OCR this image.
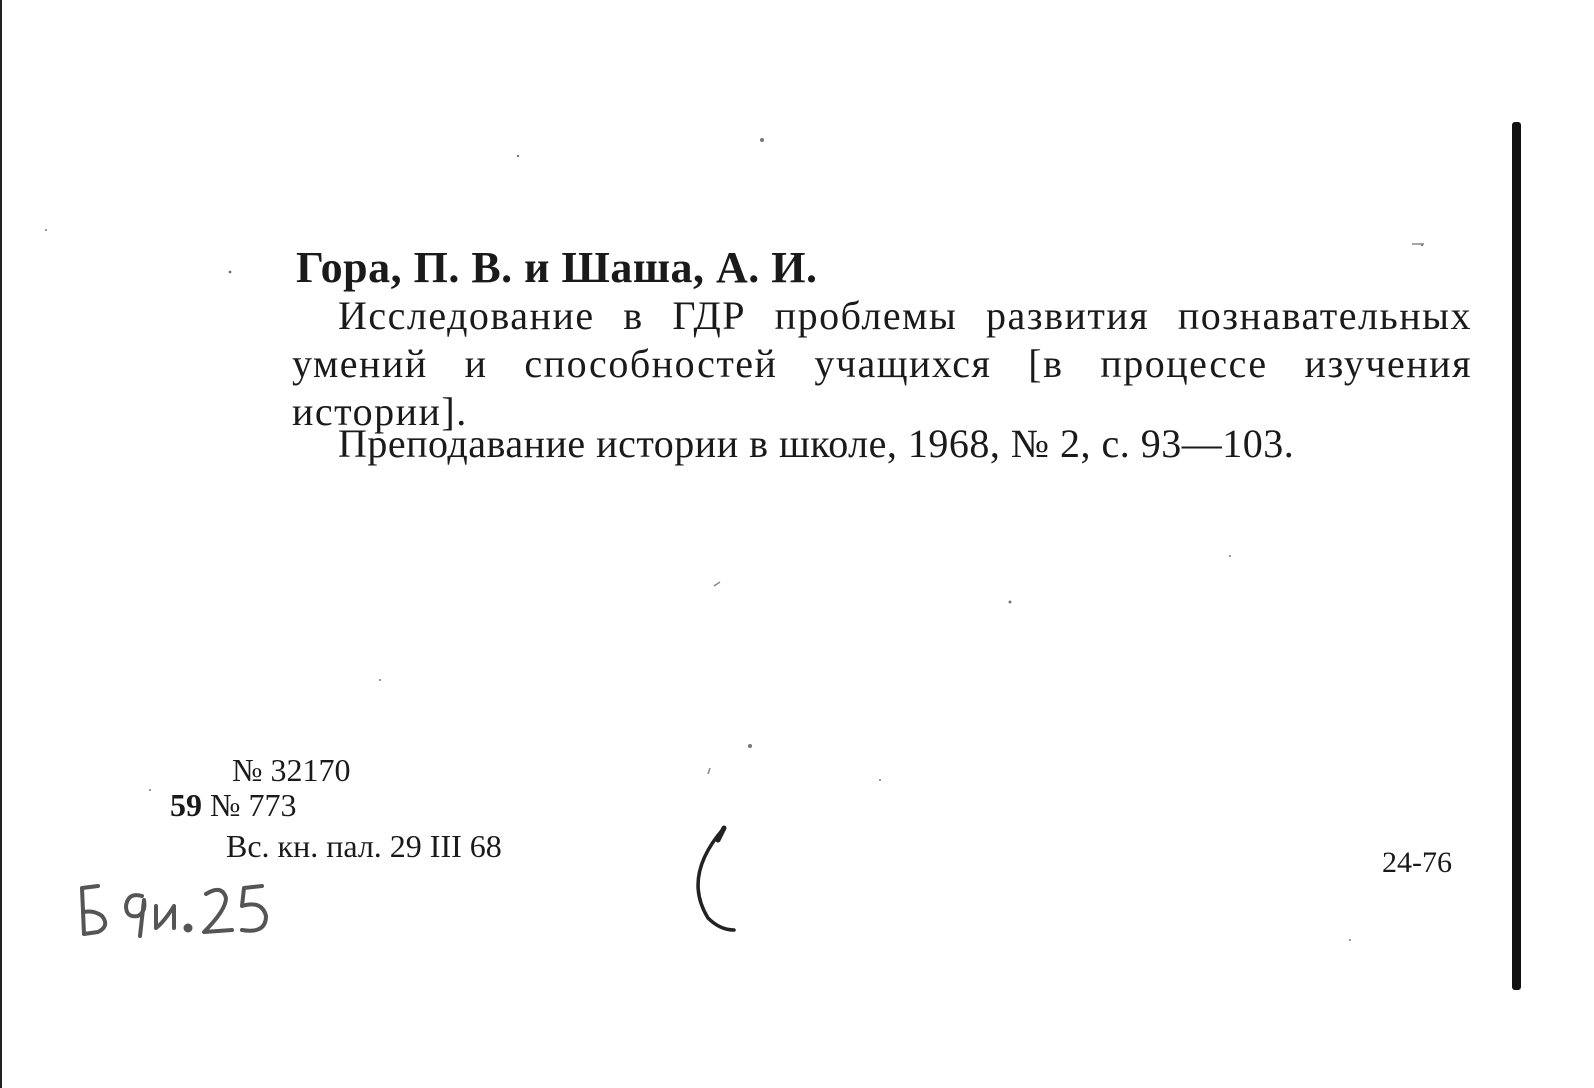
Гора, П. В. и Шаша, А. И.
Исследование в ГДР проблемы развития познавательных умений и способностей учащихся [в процессе изучения истории].
Преподавание истории в школе, 1968, № 2, с. 93—103.
№ 32170
59 № 773
Вс. кн. пал. 29 III 68	24-76
